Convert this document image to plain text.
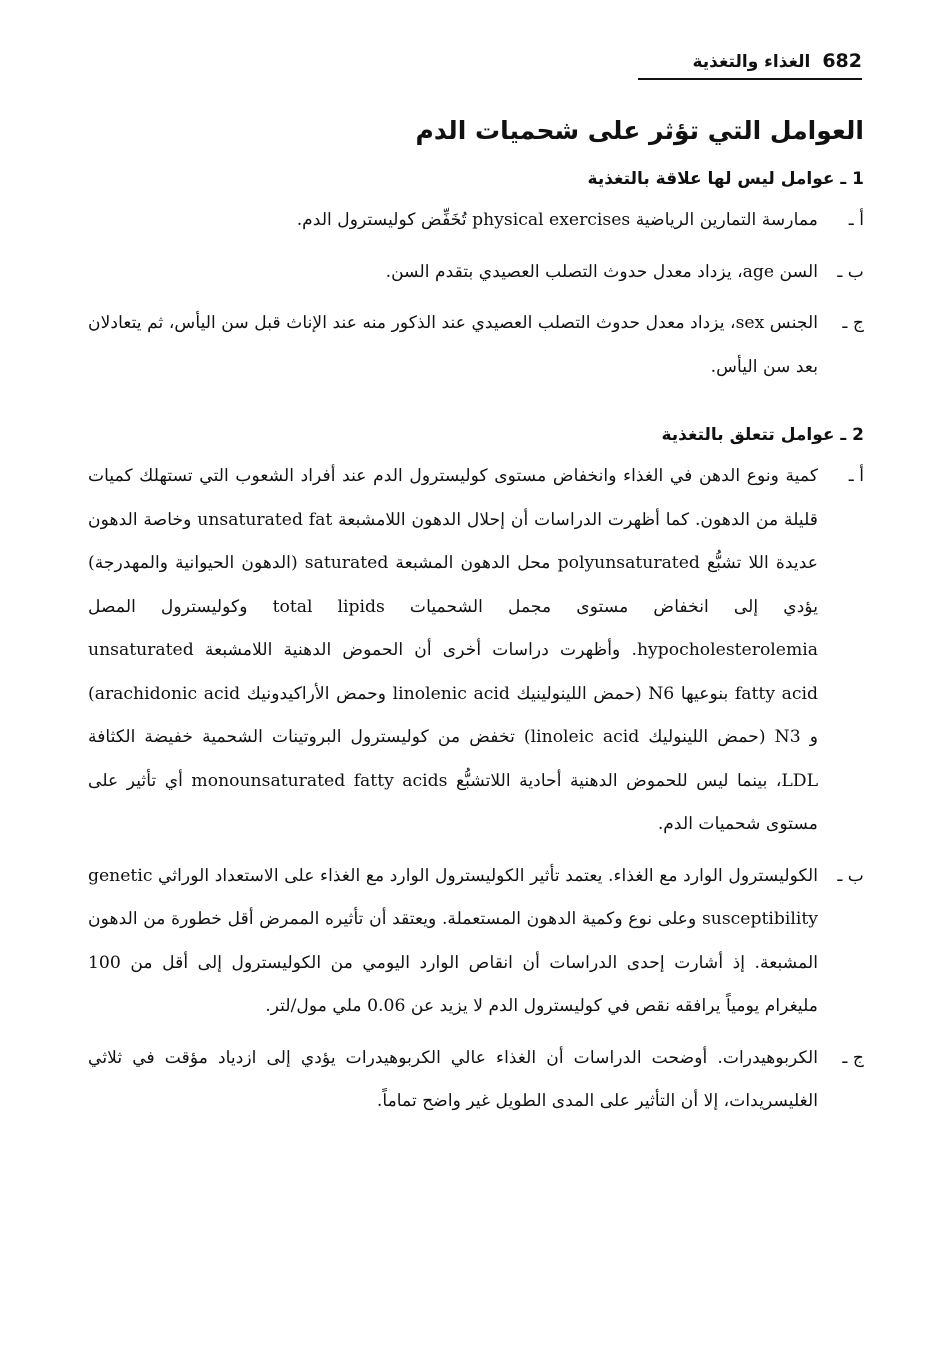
682
الغذاء والتغذية
العوامل التي تؤثر على شحميات الدم
1 ـ عوامل ليس لها علاقة بالتغذية
أ ـ
ممارسة التمارين الرياضية physical exercises تُخَفِّض كوليسترول الدم.
ب ـ
السن age، يزداد معدل حدوث التصلب العصيدي بتقدم السن.
ج ـ
الجنس sex، يزداد معدل حدوث التصلب العصيدي عند الذكور منه عند الإناث قبل سن اليأس، ثم يتعادلان بعد سن اليأس.
2 ـ عوامل تتعلق بالتغذية
أ ـ
كمية ونوع الدهن في الغذاء وانخفاض مستوى كوليسترول الدم عند أفراد الشعوب التي تستهلك كميات قليلة من الدهون. كما أظهرت الدراسات أن إحلال الدهون اللامشبعة unsaturated fat وخاصة الدهون عديدة اللا تشبُّع polyunsaturated محل الدهون المشبعة saturated (الدهون الحيوانية والمهدرجة) يؤدي إلى انخفاض مستوى مجمل الشحميات total lipids وكوليسترول المصل hypocholesterolemia. وأظهرت دراسات أخرى أن الحموض الدهنية اللامشبعة unsaturated fatty acid بنوعيها N6 (حمض اللينولينيك linolenic acid وحمض الأراكيدونيك arachidonic acid) و N3 (حمض اللينوليك linoleic acid) تخفض من كوليسترول البروتينات الشحمية خفيضة الكثافة LDL، بينما ليس للحموض الدهنية أحادية اللاتشبُّع monounsaturated fatty acids أي تأثير على مستوى شحميات الدم.
ب ـ
الكوليسترول الوارد مع الغذاء. يعتمد تأثير الكوليسترول الوارد مع الغذاء على الاستعداد الوراثي genetic susceptibility وعلى نوع وكمية الدهون المستعملة. ويعتقد أن تأثيره الممرض أقل خطورة من الدهون المشبعة. إذ أشارت إحدى الدراسات أن انقاص الوارد اليومي من الكوليسترول إلى أقل من 100 مليغرام يومياً يرافقه نقص في كوليسترول الدم لا يزيد عن 0.06 ملي مول/لتر.
ج ـ
الكربوهيدرات. أوضحت الدراسات أن الغذاء عالي الكربوهيدرات يؤدي إلى ازدياد مؤقت في ثلاثي الغليسريدات، إلا أن التأثير على المدى الطويل غير واضح تماماً.
